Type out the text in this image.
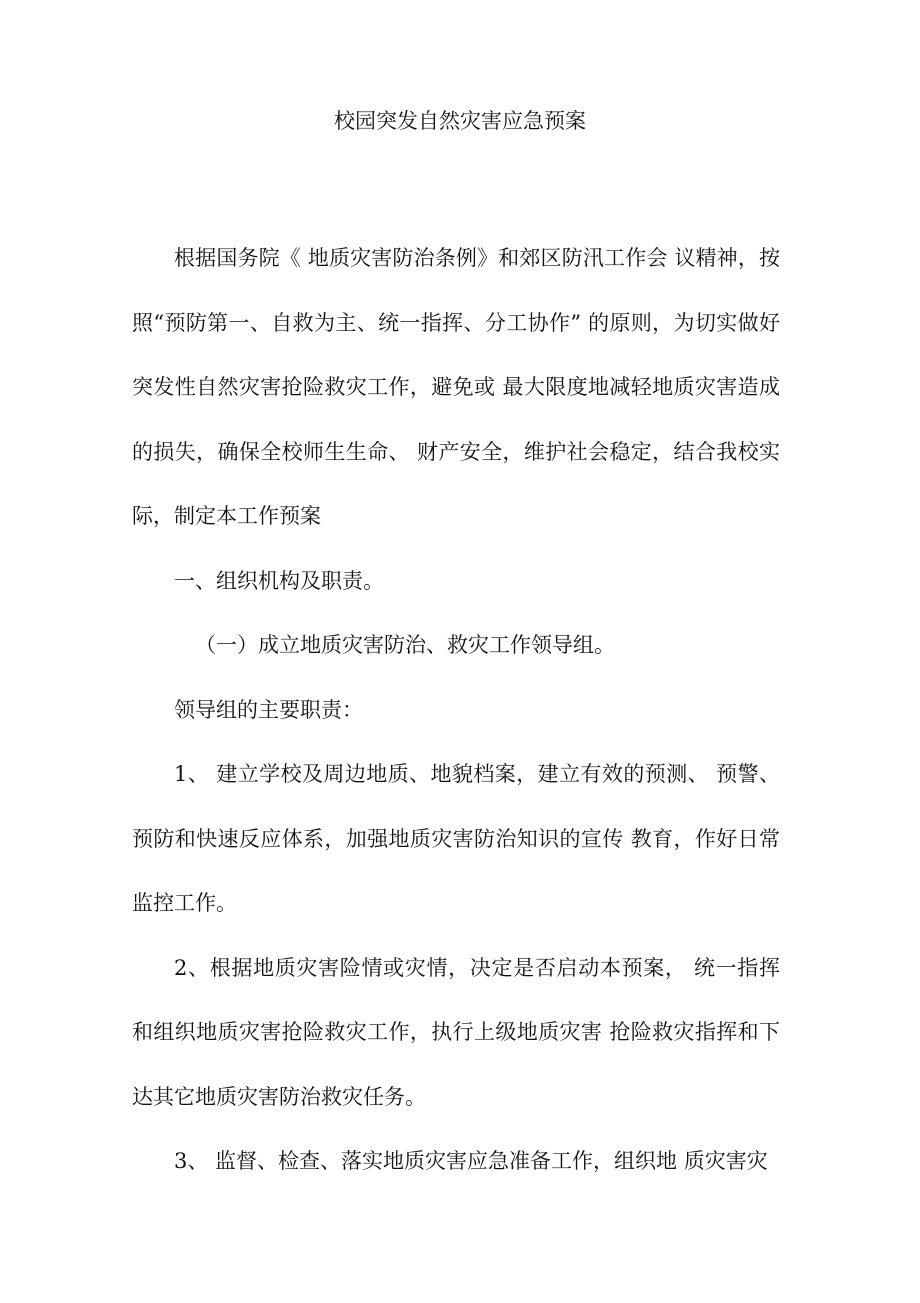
校园突发自然灾害应急预案

根据国务院《 地质灾害防治条例》和郊区防汛工作会 议精神，按照“预防第一、自救为主、统一指挥、分工协作” 的原则，为切实做好突发性自然灾害抢险救灾工作，避免或 最大限度地减轻地质灾害造成的损失，确保全校师生生命、 财产安全，维护社会稳定，结合我校实际，制定本工作预案

一、组织机构及职责。

（一）成立地质灾害防治、救灾工作领导组。

领导组的主要职责：

1、 建立学校及周边地质、地貌档案，建立有效的预测、 预警、预防和快速反应体系，加强地质灾害防治知识的宣传 教育，作好日常监控工作。

2、根据地质灾害险情或灾情，决定是否启动本预案， 统一指挥和组织地质灾害抢险救灾工作，执行上级地质灾害 抢险救灾指挥和下达其它地质灾害防治救灾任务。

3、 监督、检查、落实地质灾害应急准备工作，组织地 质灾害灾
